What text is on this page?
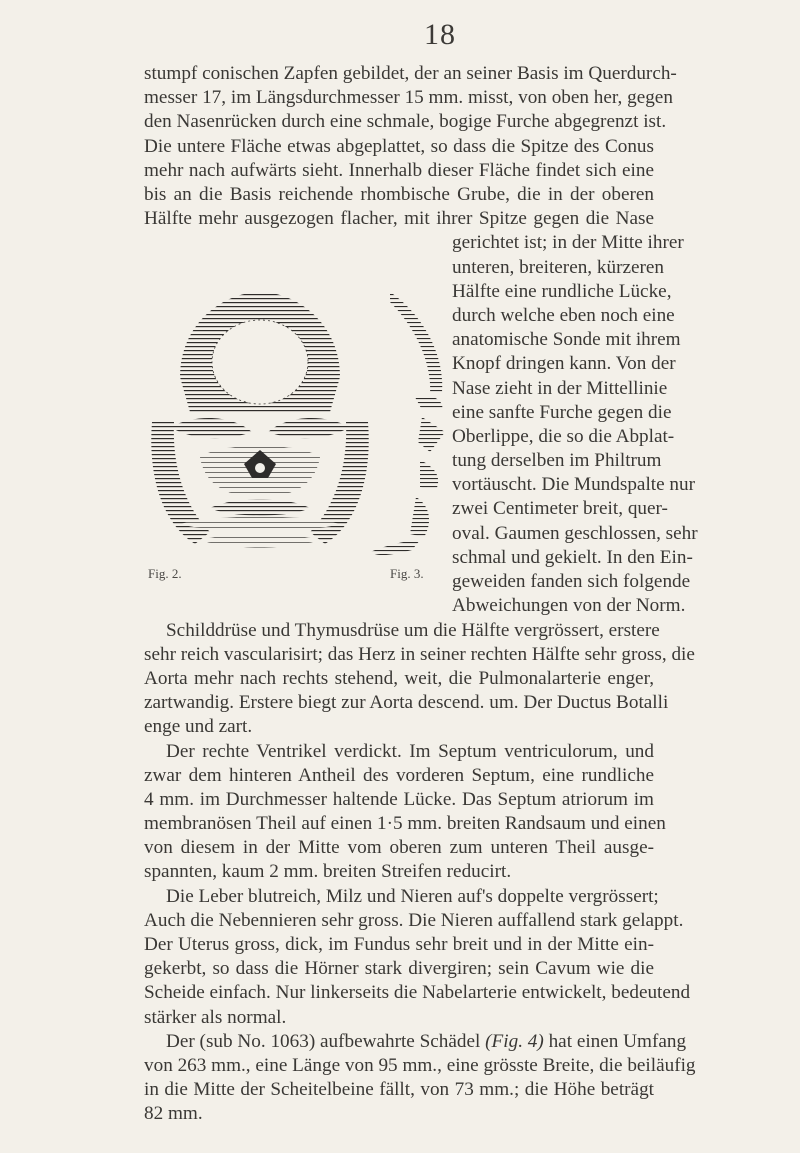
18
stumpf conischen Zapfen gebildet, der an seiner Basis im Querdurch-
messer 17, im Längsdurchmesser 15 mm. misst, von oben her, gegen
den Nasenrücken durch eine schmale, bogige Furche abgegrenzt ist.
Die untere Fläche etwas abgeplattet, so dass die Spitze des Conus
mehr nach aufwärts sieht. Innerhalb dieser Fläche findet sich eine
bis an die Basis reichende rhombische Grube, die in der oberen
Hälfte mehr ausgezogen flacher, mit ihrer Spitze gegen die Nase
gerichtet ist; in der Mitte ihrer
unteren, breiteren, kürzeren
Hälfte eine rundliche Lücke,
durch welche eben noch eine
anatomische Sonde mit ihrem
Knopf dringen kann. Von der
Nase zieht in der Mittellinie
eine sanfte Furche gegen die
Oberlippe, die so die Abplat-
tung derselben im Philtrum
vortäuscht. Die Mundspalte nur
zwei Centimeter breit, quer-
oval. Gaumen geschlossen, sehr
schmal und gekielt. In den Ein-
geweiden fanden sich folgende
Abweichungen von der Norm.
Fig. 2.	Fig. 3.
Schilddrüse und Thymusdrüse um die Hälfte vergrössert, erstere
sehr reich vascularisirt; das Herz in seiner rechten Hälfte sehr gross, die
Aorta mehr nach rechts stehend, weit, die Pulmonalarterie enger,
zartwandig. Erstere biegt zur Aorta descend. um. Der Ductus Botalli
enge und zart.
Der rechte Ventrikel verdickt. Im Septum ventriculorum, und
zwar dem hinteren Antheil des vorderen Septum, eine rundliche
4 mm. im Durchmesser haltende Lücke. Das Septum atriorum im
membranösen Theil auf einen 1·5 mm. breiten Randsaum und einen
von diesem in der Mitte vom oberen zum unteren Theil ausge-
spannten, kaum 2 mm. breiten Streifen reducirt.
Die Leber blutreich, Milz und Nieren auf's doppelte vergrössert;
Auch die Nebennieren sehr gross. Die Nieren auffallend stark gelappt.
Der Uterus gross, dick, im Fundus sehr breit und in der Mitte ein-
gekerbt, so dass die Hörner stark divergiren; sein Cavum wie die
Scheide einfach. Nur linkerseits die Nabelarterie entwickelt, bedeutend
stärker als normal.
Der (sub No. 1063) aufbewahrte Schädel (Fig. 4) hat einen Umfang
von 263 mm., eine Länge von 95 mm., eine grösste Breite, die beiläufig
in die Mitte der Scheitelbeine fällt, von 73 mm.; die Höhe beträgt
82 mm.
